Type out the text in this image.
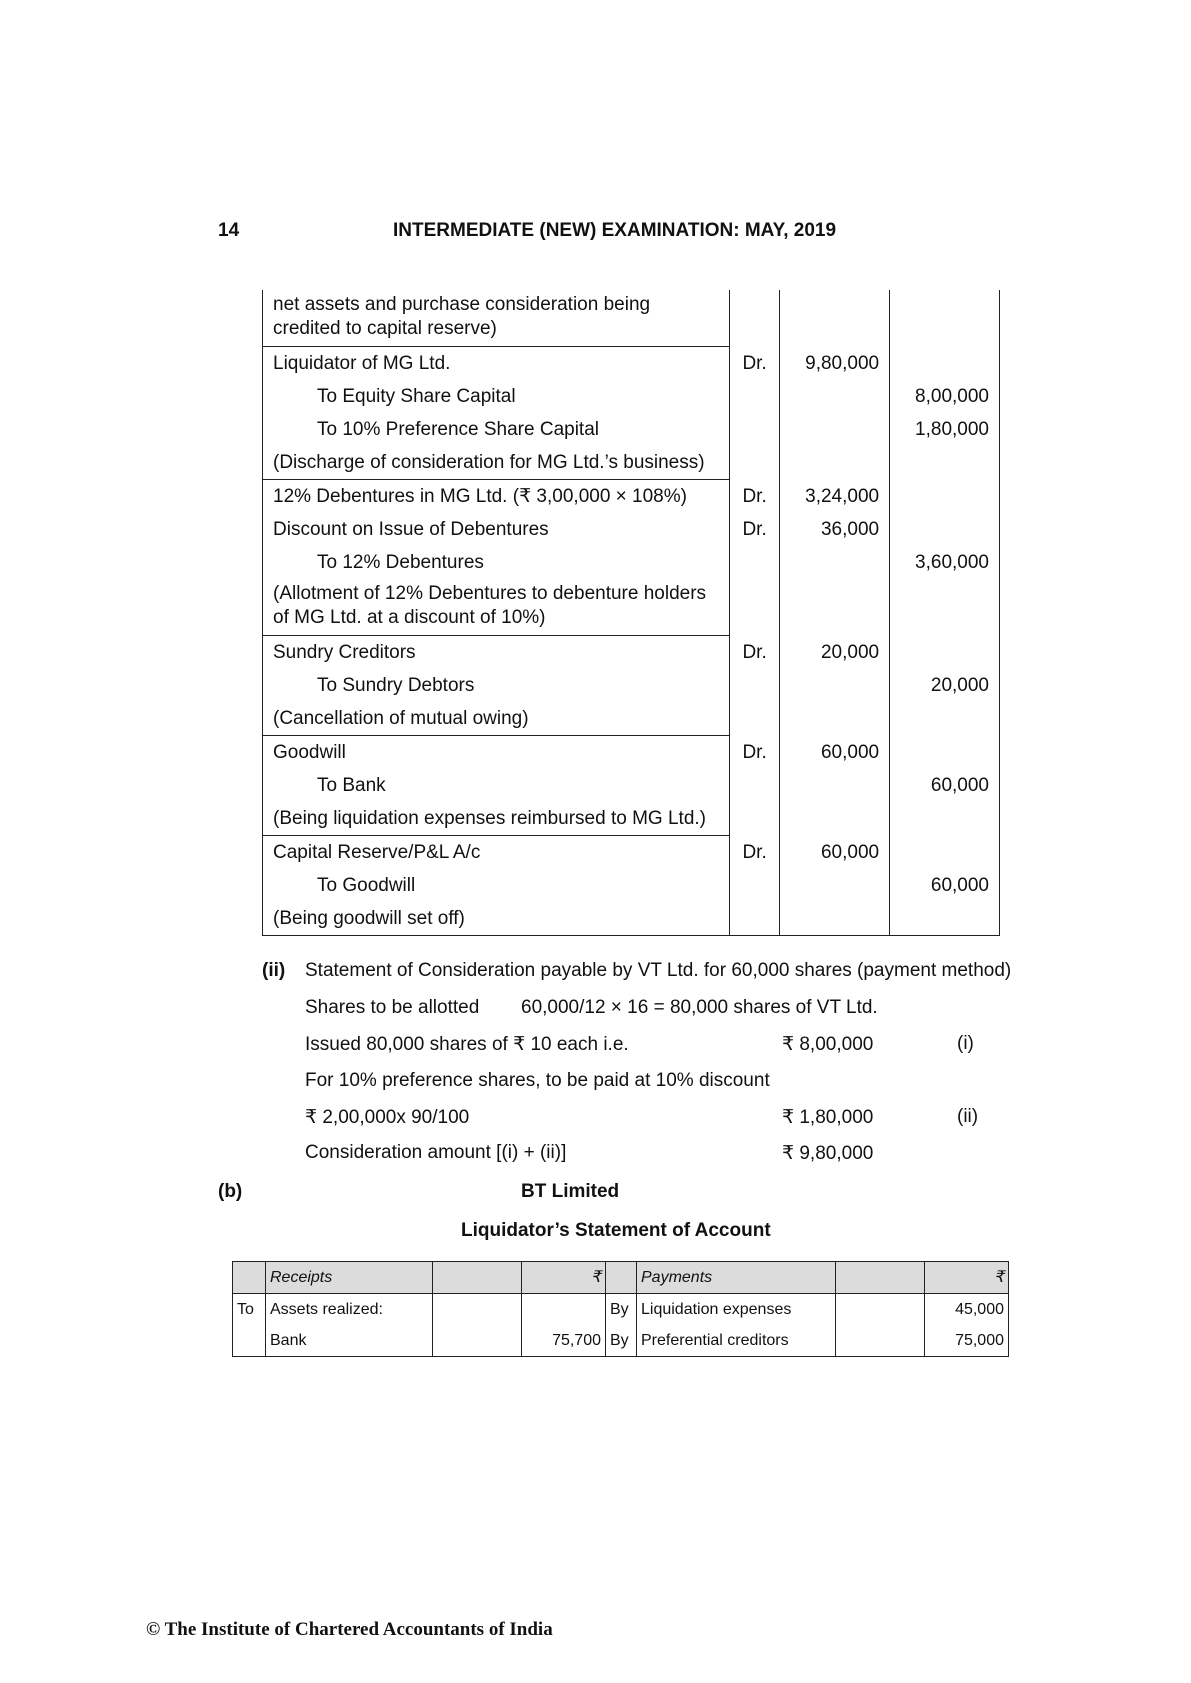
14	INTERMEDIATE (NEW) EXAMINATION: MAY, 2019
net assets and purchase consideration being credited to capital reserve)			
Liquidator of MG Ltd.	Dr.	9,80,000	
To Equity Share Capital			8,00,000
To 10% Preference Share Capital			1,80,000
(Discharge of consideration for MG Ltd.’s business)			
12% Debentures in MG Ltd. (₹ 3,00,000 × 108%)	Dr.	3,24,000	
Discount on Issue of Debentures	Dr.	36,000	
To 12% Debentures			3,60,000
(Allotment of 12% Debentures to debenture holders of MG Ltd. at a discount of 10%)			
Sundry Creditors	Dr.	20,000	
To Sundry Debtors			20,000
(Cancellation of mutual owing)			
Goodwill	Dr.	60,000	
To Bank			60,000
(Being liquidation expenses reimbursed to MG Ltd.)			
Capital Reserve/P&L A/c	Dr.	60,000	
To Goodwill			60,000
(Being goodwill set off)			
(ii) Statement of Consideration payable by VT Ltd. for 60,000 shares (payment method)
Shares to be allotted 60,000/12 × 16 = 80,000 shares of VT Ltd.
Issued 80,000 shares of ₹ 10 each i.e.	₹ 8,00,000	(i)
For 10% preference shares, to be paid at 10% discount
₹ 2,00,000x 90/100	₹ 1,80,000	(ii)
Consideration amount [(i) + (ii)]	₹ 9,80,000
(b)	BT Limited
Liquidator’s Statement of Account
	Receipts		₹		Payments		₹
To	Assets realized:			By	Liquidation expenses		45,000
	Bank		75,700	By	Preferential creditors		75,000
© The Institute of Chartered Accountants of India
